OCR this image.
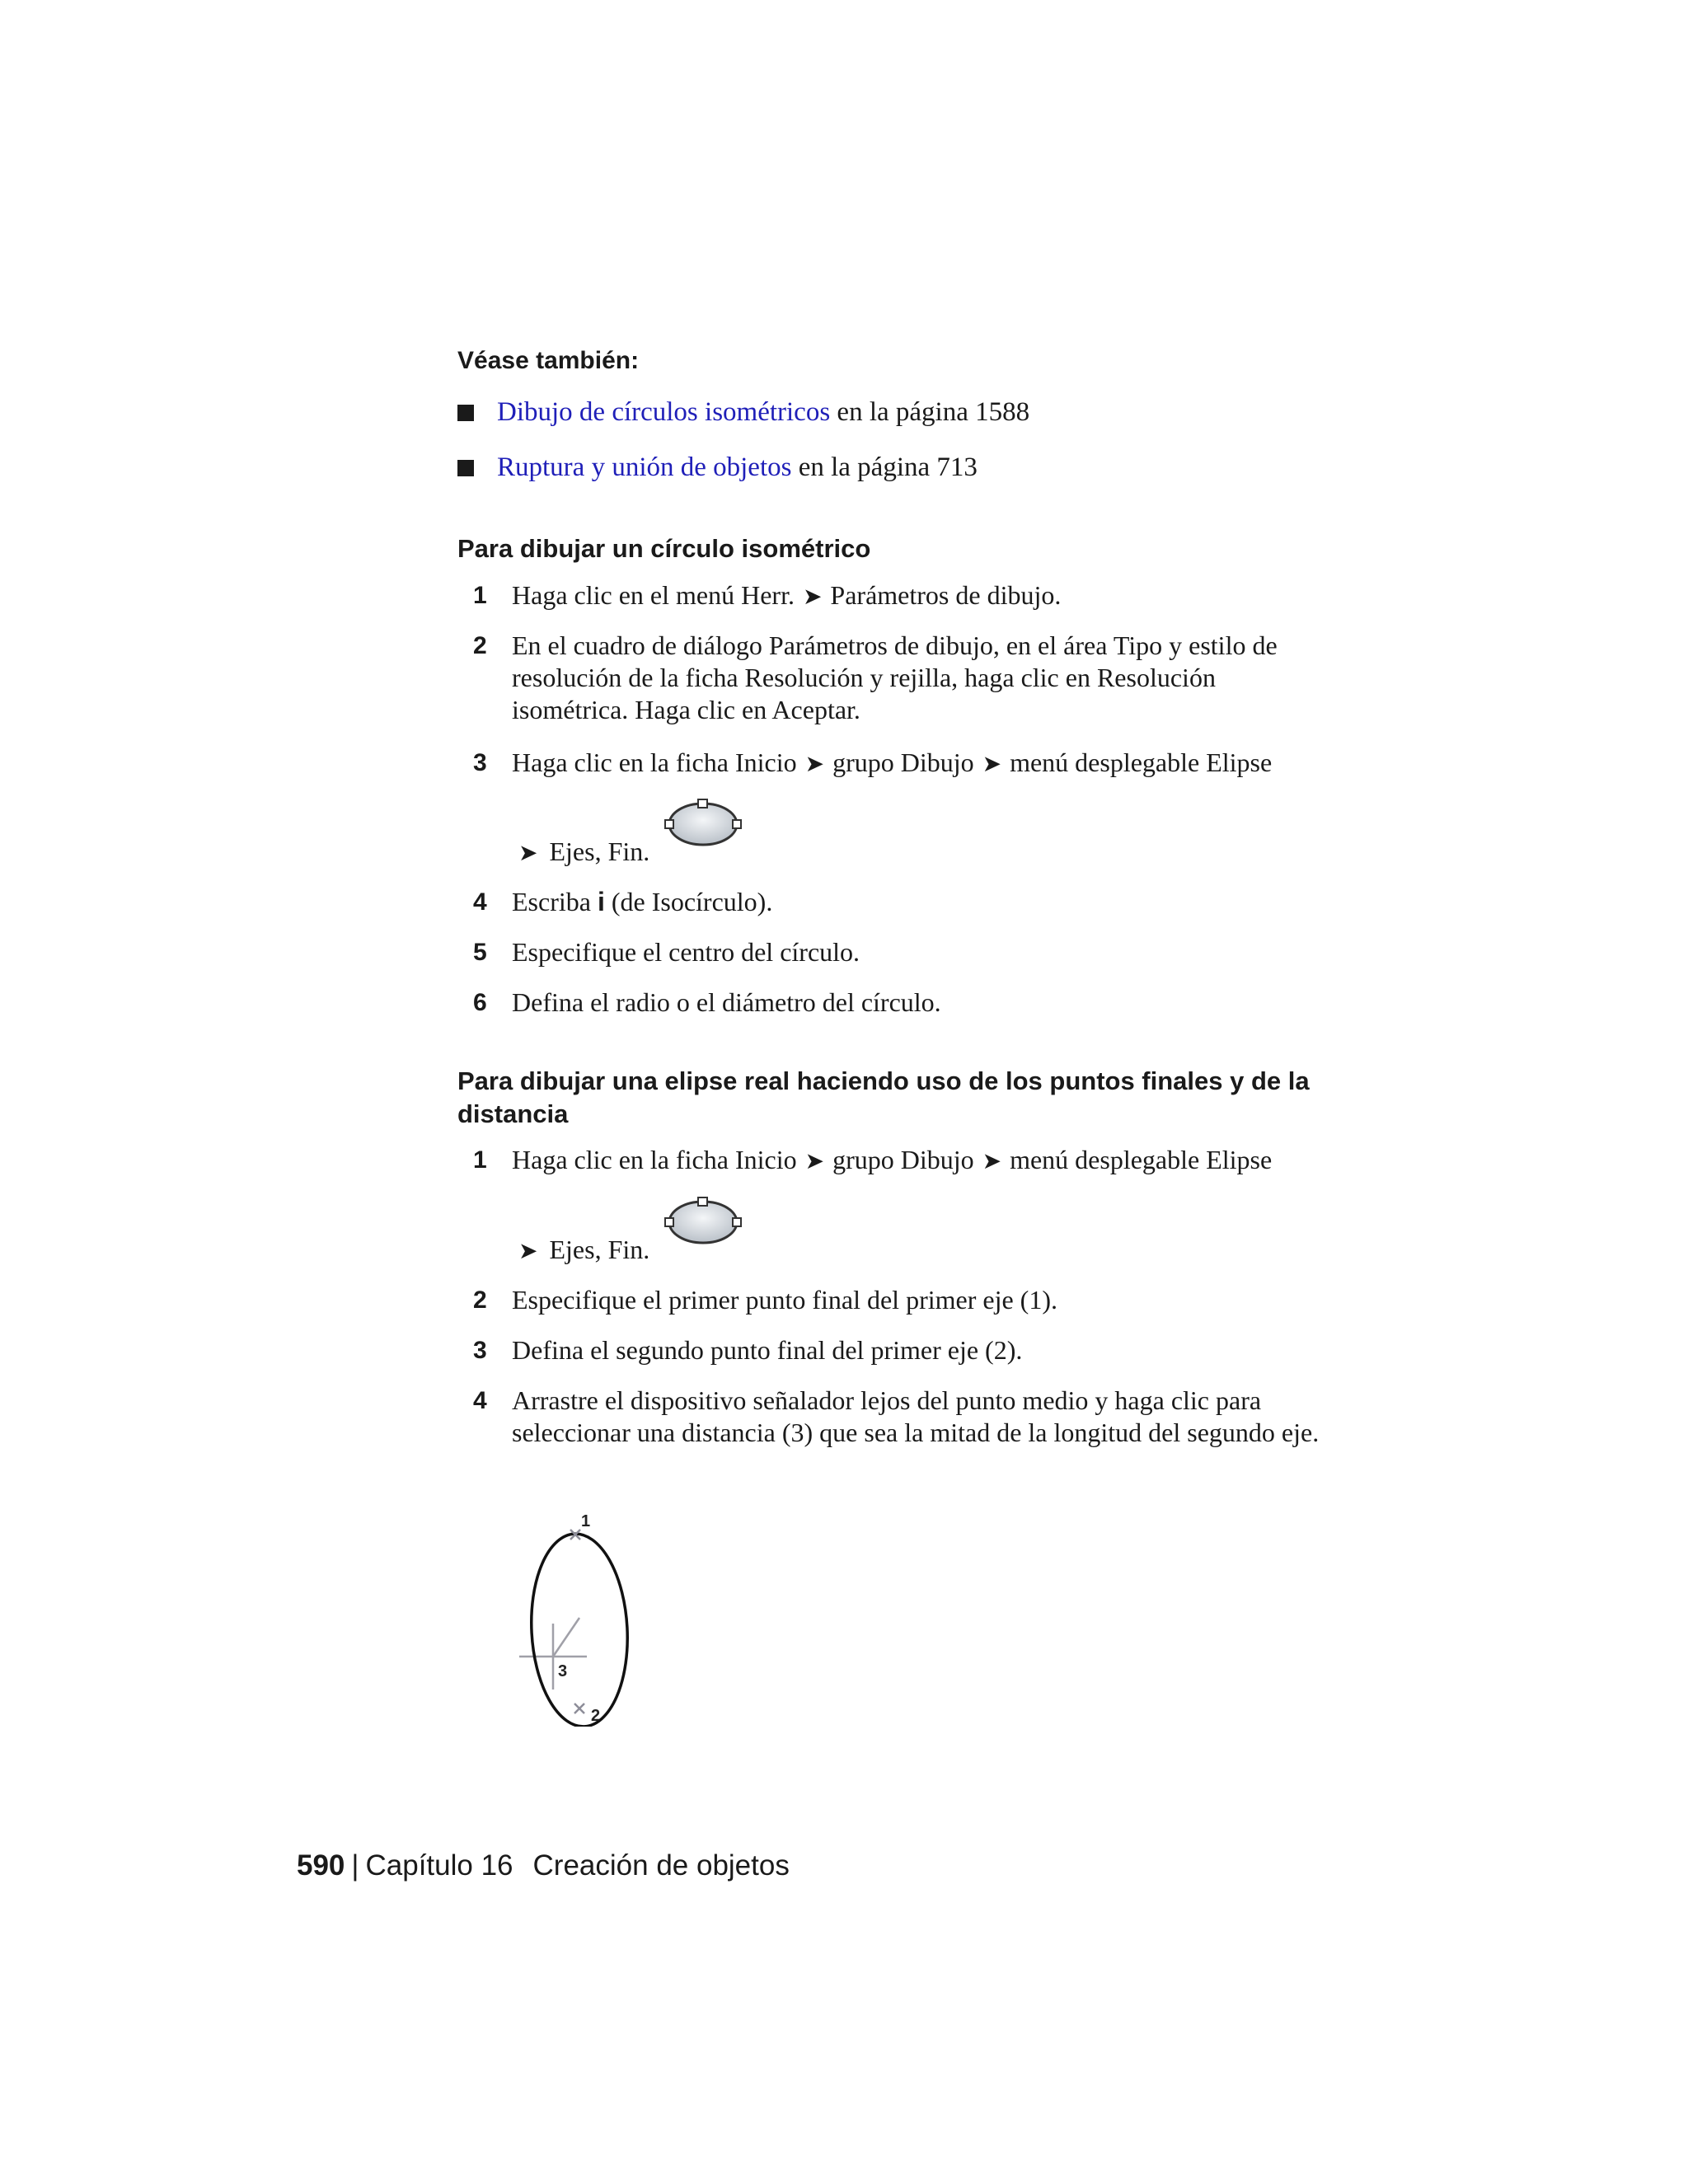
Véase también:
Dibujo de círculos isométricos en la página 1588
Ruptura y unión de objetos en la página 713
Para dibujar un círculo isométrico
1 Haga clic en el menú Herr. ➤ Parámetros de dibujo.
2 En el cuadro de diálogo Parámetros de dibujo, en el área Tipo y estilo de resolución de la ficha Resolución y rejilla, haga clic en Resolución isométrica. Haga clic en Aceptar.
3 Haga clic en la ficha Inicio ➤ grupo Dibujo ➤ menú desplegable Elipse
➤ Ejes, Fin.
4 Escriba i (de Isocírculo).
5 Especifique el centro del círculo.
6 Defina el radio o el diámetro del círculo.
Para dibujar una elipse real haciendo uso de los puntos finales y de la distancia
1 Haga clic en la ficha Inicio ➤ grupo Dibujo ➤ menú desplegable Elipse
➤ Ejes, Fin.
2 Especifique el primer punto final del primer eje (1).
3 Defina el segundo punto final del primer eje (2).
4 Arrastre el dispositivo señalador lejos del punto medio y haga clic para seleccionar una distancia (3) que sea la mitad de la longitud del segundo eje.
1
2
3
590 | Capítulo 16 Creación de objetos
